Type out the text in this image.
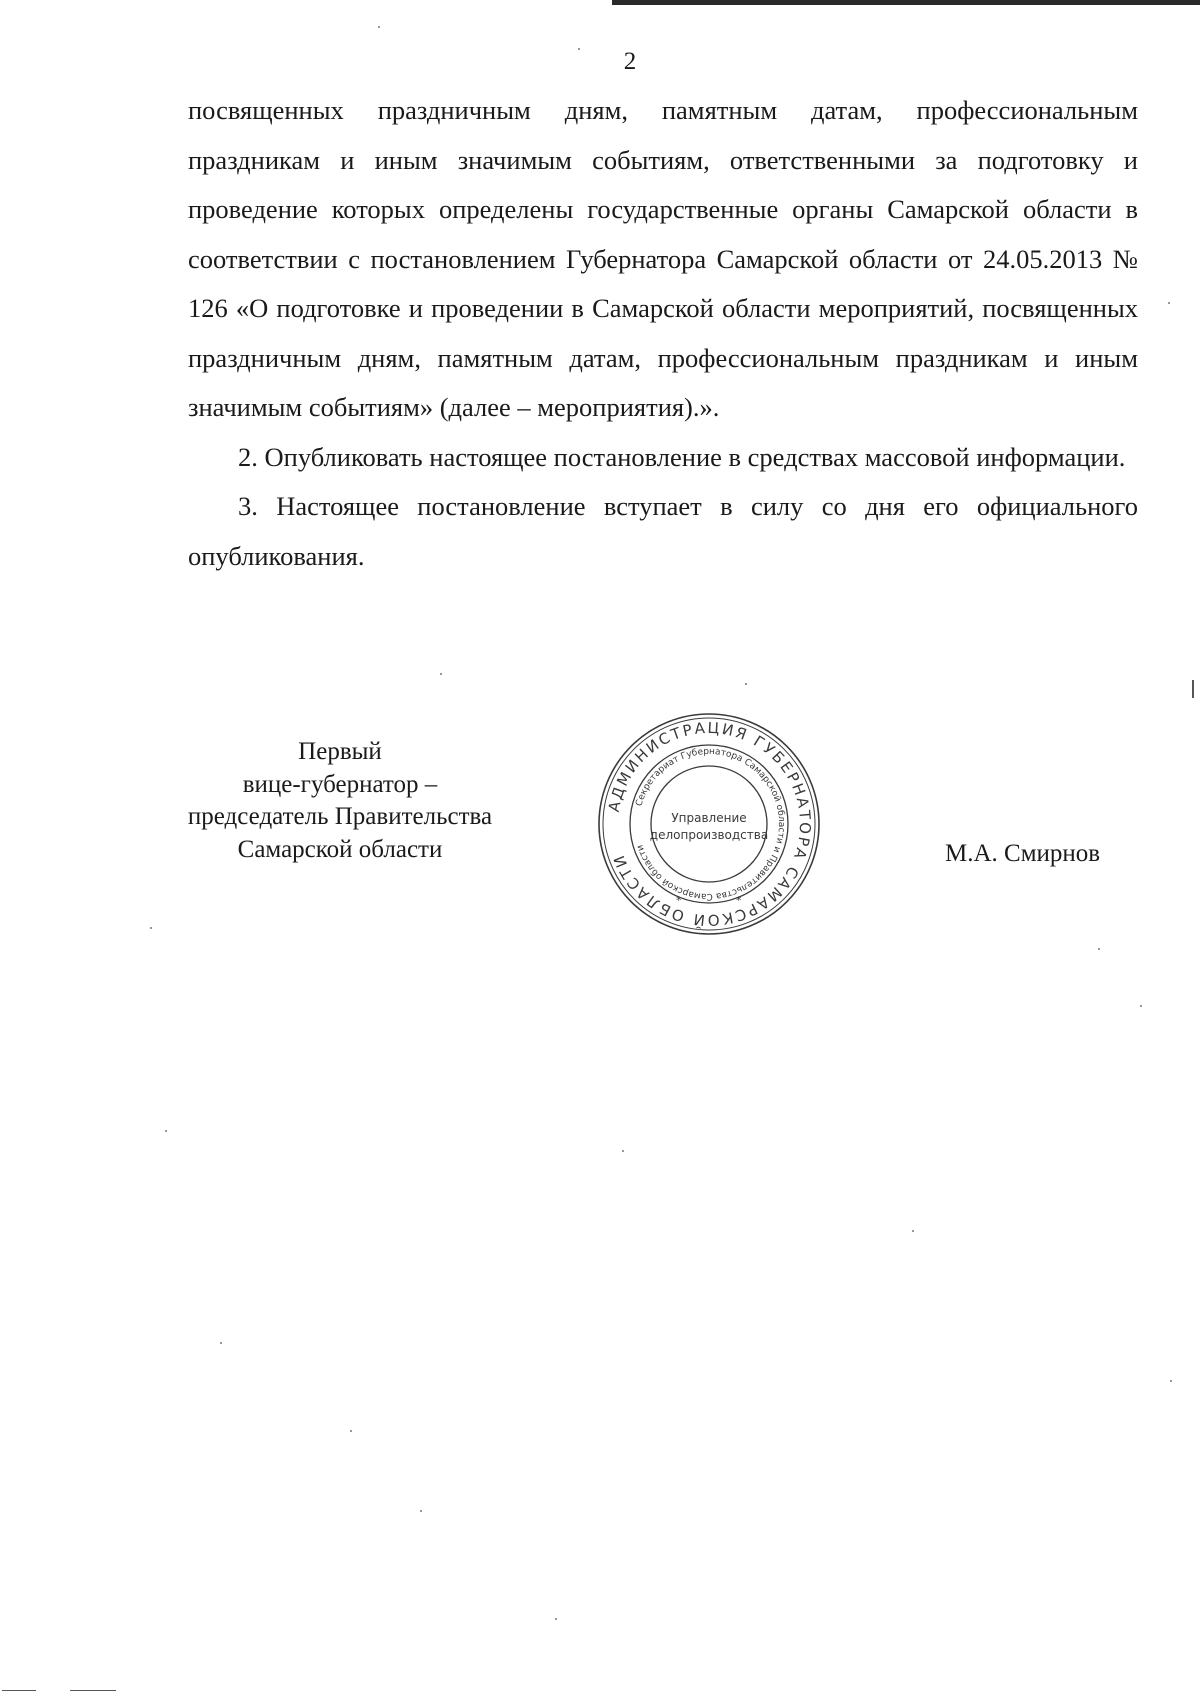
2

посвященных праздничным дням, памятным датам, профессиональным праздникам и иным значимым событиям, ответственными за подготовку и проведение которых определены государственные органы Самарской области в соответствии с постановлением Губернатора Самарской области от 24.05.2013 № 126 «О подготовке и проведении в Самарской области мероприятий, посвященных праздничным дням, памятным датам, профессиональным праздникам и иным значимым событиям» (далее – мероприятия).».

2. Опубликовать настоящее постановление в средствах массовой информации.

3. Настоящее постановление вступает в силу со дня его официального опубликования.

Первый
вице-губернатор –
председатель Правительства
Самарской области
АДМИНИСТРАЦИЯ ГУБЕРНАТОРА САМАРСКОЙ ОБЛАСТИ
Секретариат Губернатора Самарской области и Правительства Самарской области
Управление
делопроизводства
*	*
М.А. Смирнов
